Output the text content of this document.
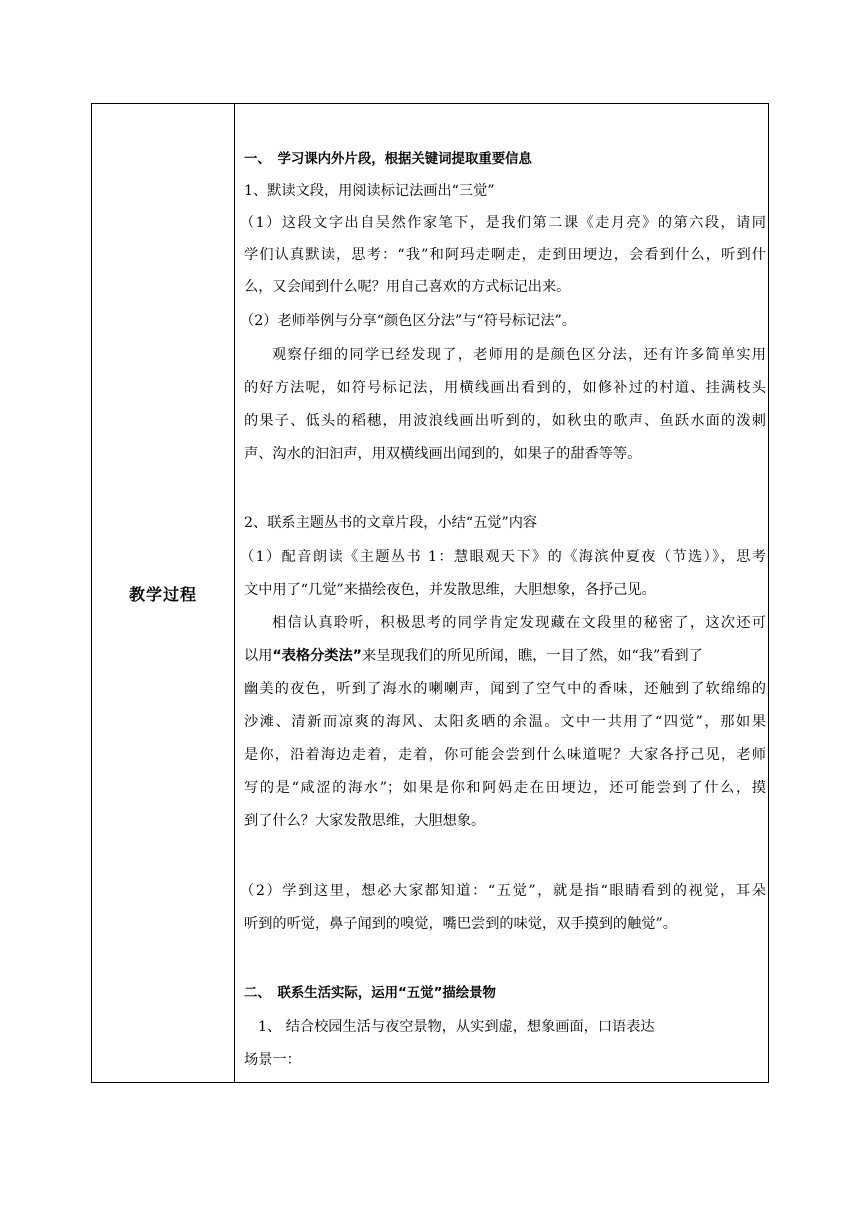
教学过程
一、　学习课内外片段，根据关键词提取重要信息
1、默读文段，用阅读标记法画出“三觉”
（1）这段文字出自吴然作家笔下，是我们第二课《走月亮》的第六段，请同
学们认真默读，思考：“我”和阿玛走啊走，走到田埂边，会看到什么，听到什
么，又会闻到什么呢？用自己喜欢的方式标记出来。
（2）老师举例与分享“颜色区分法”与“符号标记法”。
观察仔细的同学已经发现了，老师用的是颜色区分法，还有许多简单实用
的好方法呢，如符号标记法，用横线画出看到的，如修补过的村道、挂满枝头
的果子、低头的稻穗，用波浪线画出听到的，如秋虫的歌声、鱼跃水面的泼刺
声、沟水的汩汩声，用双横线画出闻到的，如果子的甜香等等。
2、联系主题丛书的文章片段，小结“五觉”内容
（1）配音朗读《主题丛书 1：慧眼观天下》的《海滨仲夏夜（节选）》，思考
文中用了“几觉”来描绘夜色，并发散思维，大胆想象，各抒己见。
相信认真聆听，积极思考的同学肯定发现藏在文段里的秘密了，这次还可
以用“表格分类法”来呈现我们的所见所闻，瞧，一目了然，如“我”看到了
幽美的夜色，听到了海水的喇喇声，闻到了空气中的香味，还触到了软绵绵的
沙滩、清新而凉爽的海风、太阳炙晒的余温。文中一共用了“四觉”，那如果
是你，沿着海边走着，走着，你可能会尝到什么味道呢？大家各抒己见，老师
写的是“咸涩的海水”；如果是你和阿妈走在田埂边，还可能尝到了什么，摸
到了什么？大家发散思维，大胆想象。
（2）学到这里，想必大家都知道：“五觉”，就是指“眼睛看到的视觉，耳朵
听到的听觉，鼻子闻到的嗅觉，嘴巴尝到的味觉，双手摸到的触觉”。
二、　联系生活实际，运用“五觉”描绘景物
1、 结合校园生活与夜空景物，从实到虚，想象画面，口语表达
场景一：
